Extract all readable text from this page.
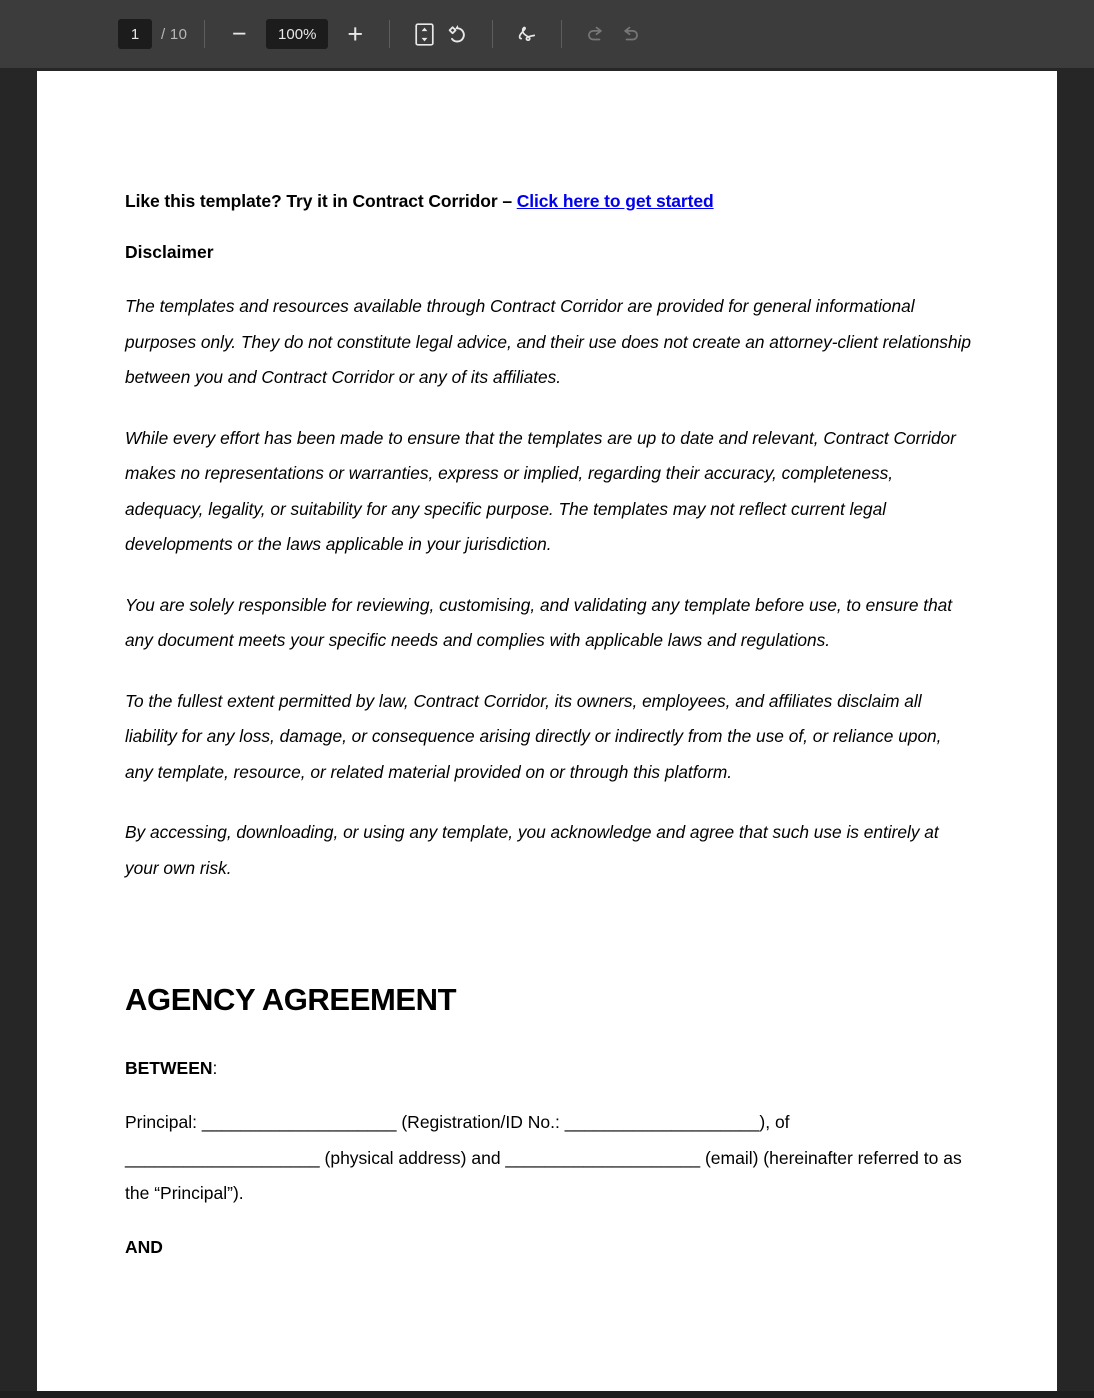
1
/ 10	−
100%	+
Like this template? Try it in Contract Corridor – Click here to get started
Disclaimer

The templates and resources available through Contract Corridor are provided for general informational purposes only. They do not constitute legal advice, and their use does not create an attorney-client relationship between you and Contract Corridor or any of its affiliates.

While every effort has been made to ensure that the templates are up to date and relevant, Contract Corridor makes no representations or warranties, express or implied, regarding their accuracy, completeness, adequacy, legality, or suitability for any specific purpose. The templates may not reflect current legal developments or the laws applicable in your jurisdiction.

You are solely responsible for reviewing, customising, and validating any template before use, to ensure that any document meets your specific needs and complies with applicable laws and regulations.

To the fullest extent permitted by law, Contract Corridor, its owners, employees, and affiliates disclaim all liability for any loss, damage, or consequence arising directly or indirectly from the use of, or reliance upon, any template, resource, or related material provided on or through this platform.

By accessing, downloading, or using any template, you acknowledge and agree that such use is entirely at your own risk.

AGENCY AGREEMENT
BETWEEN:

Principal: ____________________ (Registration/ID No.: ____________________), of ____________________ (physical address) and ____________________ (email) (hereinafter referred to as the “Principal”).

AND
